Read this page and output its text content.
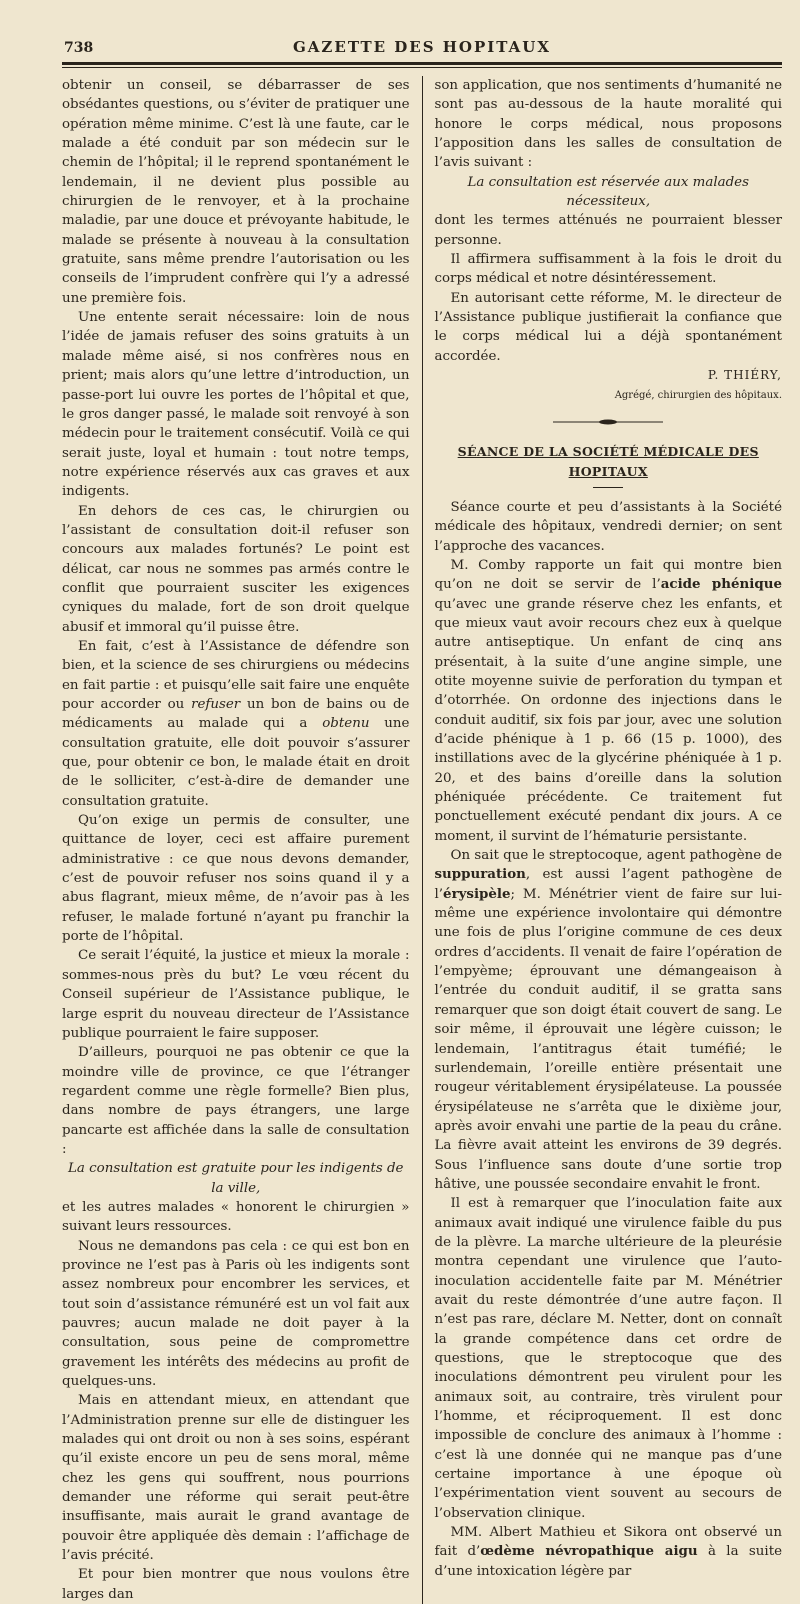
738	GAZETTE DES HOPITAUX

obtenir un conseil, se débarrasser de ses obsédantes questions, ou s’éviter de pratiquer une opération même minime. C’est là une faute, car le malade a été conduit par son médecin sur le chemin de l’hôpital; il le reprend spontanément le lendemain, il ne devient plus possible au chirurgien de le renvoyer, et à la prochaine maladie, par une douce et prévoyante habitude, le malade se présente à nouveau à la consultation gratuite, sans même prendre l’autorisation ou les conseils de l’imprudent confrère qui l’y a adressé une première fois.

Une entente serait nécessaire: loin de nous l’idée de jamais refuser des soins gratuits à un malade même aisé, si nos confrères nous en prient; mais alors qu’une lettre d’introduction, un passe-port lui ouvre les portes de l’hôpital et que, le gros danger passé, le malade soit renvoyé à son médecin pour le traitement consécutif. Voilà ce qui serait juste, loyal et humain : tout notre temps, notre expérience réservés aux cas graves et aux indigents.

En dehors de ces cas, le chirurgien ou l’assistant de consultation doit-il refuser son concours aux malades fortunés? Le point est délicat, car nous ne sommes pas armés contre le conflit que pourraient susciter les exigences cyniques du malade, fort de son droit quelque abusif et immoral qu’il puisse être.

En fait, c’est à l’Assistance de défendre son bien, et la science de ses chirurgiens ou médecins en fait partie : et puisqu’elle sait faire une enquête pour accorder ou refuser un bon de bains ou de médicaments au malade qui a obtenu une consultation gratuite, elle doit pouvoir s’assurer que, pour obtenir ce bon, le malade était en droit de le solliciter, c’est-à-dire de demander une consultation gratuite.

Qu’on exige un permis de consulter, une quittance de loyer, ceci est affaire purement administrative : ce que nous devons demander, c’est de pouvoir refuser nos soins quand il y a abus flagrant, mieux même, de n’avoir pas à les refuser, le malade fortuné n’ayant pu franchir la porte de l’hôpital.

Ce serait l’équité, la justice et mieux la morale : sommes-nous près du but? Le vœu récent du Conseil supérieur de l’Assistance publique, le large esprit du nouveau directeur de l’Assistance publique pourraient le faire supposer.

D’ailleurs, pourquoi ne pas obtenir ce que la moindre ville de province, ce que l’étranger regardent comme une règle formelle? Bien plus, dans nombre de pays étrangers, une large pancarte est affichée dans la salle de consultation :

La consultation est gratuite pour les indigents de la ville,

et les autres malades « honorent le chirurgien » suivant leurs ressources.

Nous ne demandons pas cela : ce qui est bon en province ne l’est pas à Paris où les indigents sont assez nombreux pour encombrer les services, et tout soin d’assistance rémunéré est un vol fait aux pauvres; aucun malade ne doit payer à la consultation, sous peine de compromettre gravement les intérêts des médecins au profit de quelques-uns.

Mais en attendant mieux, en attendant que l’Administration prenne sur elle de distinguer les malades qui ont droit ou non à ses soins, espérant qu’il existe encore un peu de sens moral, même chez les gens qui souffrent, nous pourrions demander une réforme qui serait peut-être insuffisante, mais aurait le grand avantage de pouvoir être appliquée dès demain : l’affichage de l’avis précité.

Et pour bien montrer que nous voulons être larges dan

son application, que nos sentiments d’humanité ne sont pas au-dessous de la haute moralité qui honore le corps médical, nous proposons l’apposition dans les salles de consultation de l’avis suivant :

La consultation est réservée aux malades nécessiteux,

dont les termes atténués ne pourraient blesser personne.

Il affirmera suffisamment à la fois le droit du corps médical et notre désintéressement.

En autorisant cette réforme, M. le directeur de l’Assistance publique justifierait la confiance que le corps médical lui a déjà spontanément accordée.

P. THIÉRY,
Agrégé, chirurgien des hôpitaux.
SÉANCE DE LA SOCIÉTÉ MÉDICALE DES HOPITAUX

Séance courte et peu d’assistants à la Société médicale des hôpitaux, vendredi dernier; on sent l’approche des vacances.

M. Comby rapporte un fait qui montre bien qu’on ne doit se servir de l’acide phénique qu’avec une grande réserve chez les enfants, et que mieux vaut avoir recours chez eux à quelque autre antiseptique. Un enfant de cinq ans présentait, à la suite d’une angine simple, une otite moyenne suivie de perforation du tympan et d’otorrhée. On ordonne des injections dans le conduit auditif, six fois par jour, avec une solution d’acide phénique à 1 p. 66 (15 p. 1000), des instillations avec de la glycérine phéniquée à 1 p. 20, et des bains d’oreille dans la solution phéniquée précédente. Ce traitement fut ponctuellement exécuté pendant dix jours. A ce moment, il survint de l’hématurie persistante.

On sait que le streptocoque, agent pathogène de suppuration, est aussi l’agent pathogène de l’érysipèle; M. Ménétrier vient de faire sur lui-même une expérience involontaire qui démontre une fois de plus l’origine commune de ces deux ordres d’accidents. Il venait de faire l’opération de l’empyème; éprouvant une démangeaison à l’entrée du conduit auditif, il se gratta sans remarquer que son doigt était couvert de sang. Le soir même, il éprouvait une légère cuisson; le lendemain, l’antitragus était tuméfié; le surlendemain, l’oreille entière présentait une rougeur véritablement érysipélateuse. La poussée érysipélateuse ne s’arrêta que le dixième jour, après avoir envahi une partie de la peau du crâne. La fièvre avait atteint les environs de 39 degrés. Sous l’influence sans doute d’une sortie trop hâtive, une poussée secondaire envahit le front.

Il est à remarquer que l’inoculation faite aux animaux avait indiqué une virulence faible du pus de la plèvre. La marche ultérieure de la pleurésie montra cependant une virulence que l’auto-inoculation accidentelle faite par M. Ménétrier avait du reste démontrée d’une autre façon. Il n’est pas rare, déclare M. Netter, dont on connaît la grande compétence dans cet ordre de questions, que le streptocoque que des inoculations démontrent peu virulent pour les animaux soit, au contraire, très virulent pour l’homme, et réciproquement. Il est donc impossible de conclure des animaux à l’homme : c’est là une donnée qui ne manque pas d’une certaine importance à une époque où l’expérimentation vient souvent au secours de l’observation clinique.

MM. Albert Mathieu et Sikora ont observé un fait d’œdème névropathique aigu à la suite d’une intoxication légère par
